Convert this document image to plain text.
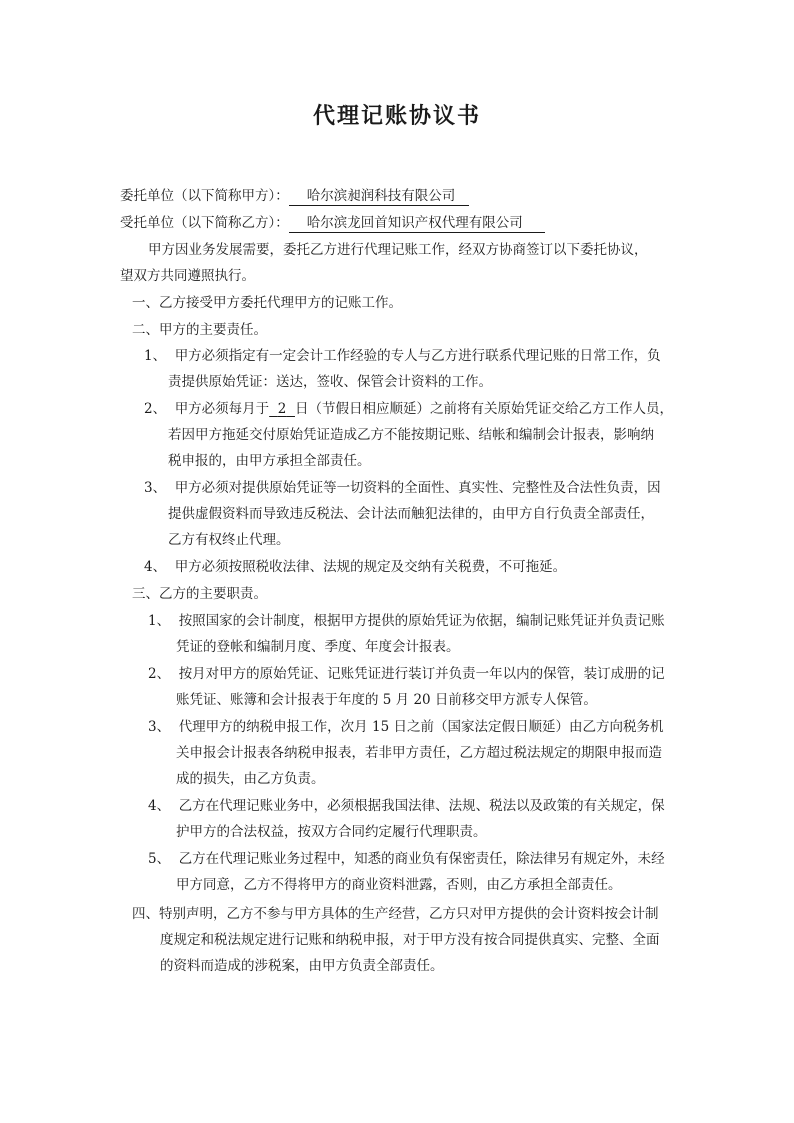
代理记账协议书
委托单位（以下简称甲方）： 哈尔滨昶润科技有限公司
受托单位（以下简称乙方）： 哈尔滨龙回首知识产权代理有限公司
甲方因业务发展需要，委托乙方进行代理记账工作，经双方协商签订以下委托协议，
望双方共同遵照执行。
一、乙方接受甲方委托代理甲方的记账工作。
二、甲方的主要责任。
1、 甲方必须指定有一定会计工作经验的专人与乙方进行联系代理记账的日常工作，负
责提供原始凭证：送达，签收、保管会计资料的工作。
2、 甲方必须每月于 2 日（节假日相应顺延）之前将有关原始凭证交给乙方工作人员，
若因甲方拖延交付原始凭证造成乙方不能按期记账、结帐和编制会计报表，影响纳
税申报的，由甲方承担全部责任。
3、 甲方必须对提供原始凭证等一切资料的全面性、真实性、完整性及合法性负责，因
提供虚假资料而导致违反税法、会计法而触犯法律的，由甲方自行负责全部责任，
乙方有权终止代理。
4、 甲方必须按照税收法律、法规的规定及交纳有关税费，不可拖延。
三、乙方的主要职责。
1、 按照国家的会计制度，根据甲方提供的原始凭证为依据，编制记账凭证并负责记账
凭证的登帐和编制月度、季度、年度会计报表。
2、 按月对甲方的原始凭证、记账凭证进行装订并负责一年以内的保管，装订成册的记
账凭证、账簿和会计报表于年度的 5 月 20 日前移交甲方派专人保管。
3、 代理甲方的纳税申报工作，次月 15 日之前（国家法定假日顺延）由乙方向税务机
关申报会计报表各纳税申报表，若非甲方责任，乙方超过税法规定的期限申报而造
成的损失，由乙方负责。
4、 乙方在代理记账业务中，必须根据我国法律、法规、税法以及政策的有关规定，保
护甲方的合法权益，按双方合同约定履行代理职责。
5、 乙方在代理记账业务过程中，知悉的商业负有保密责任，除法律另有规定外，未经
甲方同意，乙方不得将甲方的商业资料泄露，否则，由乙方承担全部责任。
四、特别声明，乙方不参与甲方具体的生产经营，乙方只对甲方提供的会计资料按会计制
度规定和税法规定进行记账和纳税申报，对于甲方没有按合同提供真实、完整、全面
的资料而造成的涉税案，由甲方负责全部责任。
